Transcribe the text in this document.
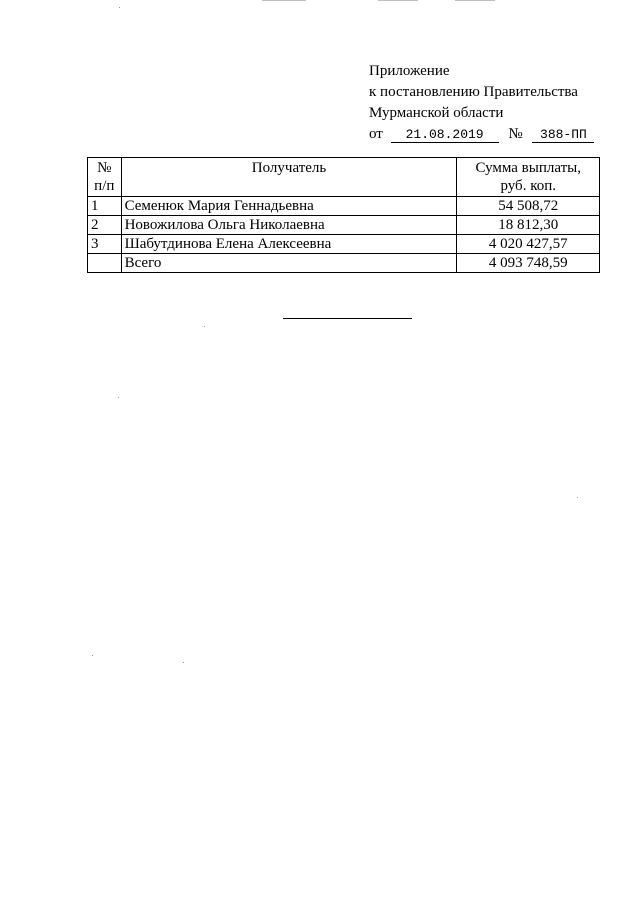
Приложение
к постановлению Правительства
Мурманской области
от 21.08.2019 № 388-ПП
№
п/п	Получатель	Сумма выплаты,
руб. коп.
1	Семенюк Мария Геннадьевна	54 508,72
2	Новожилова Ольга Николаевна	18 812,30
3	Шабутдинова Елена Алексеевна	4 020 427,57
	Всего	4 093 748,59
